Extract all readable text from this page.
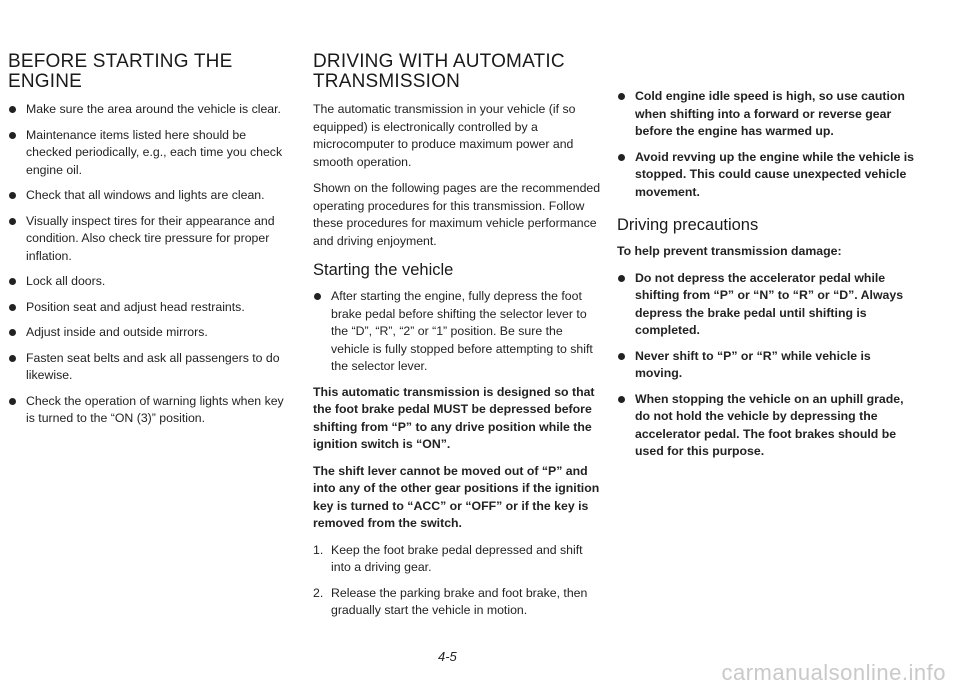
BEFORE STARTING THE ENGINE
Make sure the area around the vehicle is clear.
Maintenance items listed here should be checked periodically, e.g., each time you check engine oil.
Check that all windows and lights are clean.
Visually inspect tires for their appearance and condition. Also check tire pressure for proper inflation.
Lock all doors.
Position seat and adjust head restraints.
Adjust inside and outside mirrors.
Fasten seat belts and ask all passengers to do likewise.
Check the operation of warning lights when key is turned to the “ON (3)” position.
DRIVING WITH AUTOMATIC TRANSMISSION

The automatic transmission in your vehicle (if so equipped) is electronically controlled by a microcomputer to produce maximum power and smooth operation.

Shown on the following pages are the recommended operating procedures for this transmission. Follow these procedures for maximum vehicle performance and driving enjoyment.

Starting the vehicle
After starting the engine, fully depress the foot brake pedal before shifting the selector lever to the “D”, “R”, “2” or “1” position. Be sure the vehicle is fully stopped before attempting to shift the selector lever.

This automatic transmission is designed so that the foot brake pedal MUST be depressed before shifting from “P” to any drive position while the ignition switch is “ON”.

The shift lever cannot be moved out of “P” and into any of the other gear positions if the ignition key is turned to “ACC” or “OFF” or if the key is removed from the switch.

1. Keep the foot brake pedal depressed and shift into a driving gear.
2. Release the parking brake and foot brake, then gradually start the vehicle in motion.
Cold engine idle speed is high, so use caution when shifting into a forward or reverse gear before the engine has warmed up.
Avoid revving up the engine while the vehicle is stopped. This could cause unexpected vehicle movement.
Driving precautions

To help prevent transmission damage:

Do not depress the accelerator pedal while shifting from “P” or “N” to “R” or “D”. Always depress the brake pedal until shifting is completed.
Never shift to “P” or “R” while vehicle is moving.
When stopping the vehicle on an uphill grade, do not hold the vehicle by depressing the accelerator pedal. The foot brakes should be used for this purpose.
4-5
carmanualsonline.info
